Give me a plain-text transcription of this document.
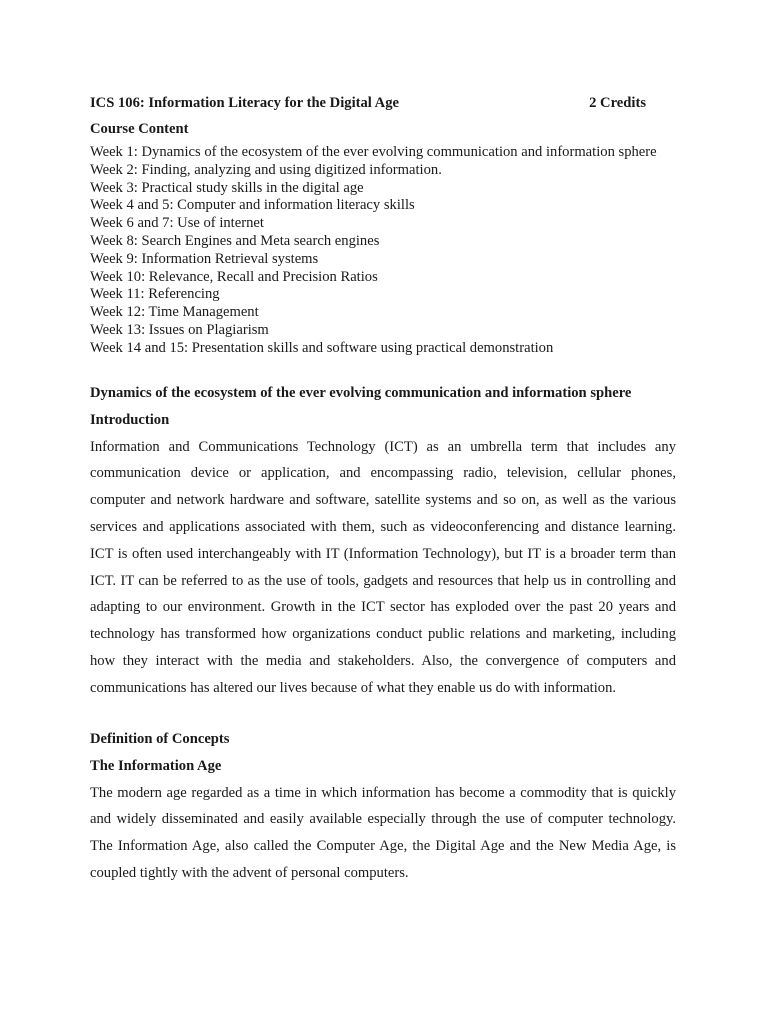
ICS 106: Information Literacy for the Digital Age	2 Credits
Course Content
Week 1: Dynamics of the ecosystem of the ever evolving communication and information sphere
Week 2: Finding, analyzing and using digitized information.
Week 3: Practical study skills in the digital age
Week 4 and 5: Computer and information literacy skills
Week 6 and 7: Use of internet
Week 8: Search Engines and Meta search engines
Week 9: Information Retrieval systems
Week 10: Relevance, Recall and Precision Ratios
Week 11: Referencing
Week 12: Time Management
Week 13: Issues on Plagiarism
Week 14 and 15: Presentation skills and software using practical demonstration
Dynamics of the ecosystem of the ever evolving communication and information sphere
Introduction

Information and Communications Technology (ICT) as an umbrella term that includes any communication device or application, and encompassing radio, television, cellular phones, computer and network hardware and software, satellite systems and so on, as well as the various services and applications associated with them, such as videoconferencing and distance learning. ICT is often used interchangeably with IT (Information Technology), but IT is a broader term than ICT. IT can be referred to as the use of tools, gadgets and resources that help us in controlling and adapting to our environment. Growth in the ICT sector has exploded over the past 20 years and technology has transformed how organizations conduct public relations and marketing, including how they interact with the media and stakeholders. Also, the convergence of computers and communications has altered our lives because of what they enable us do with information.

Definition of Concepts
The Information Age

The modern age regarded as a time in which information has become a commodity that is quickly and widely disseminated and easily available especially through the use of computer technology. The Information Age, also called the Computer Age, the Digital Age and the New Media Age, is coupled tightly with the advent of personal computers.
